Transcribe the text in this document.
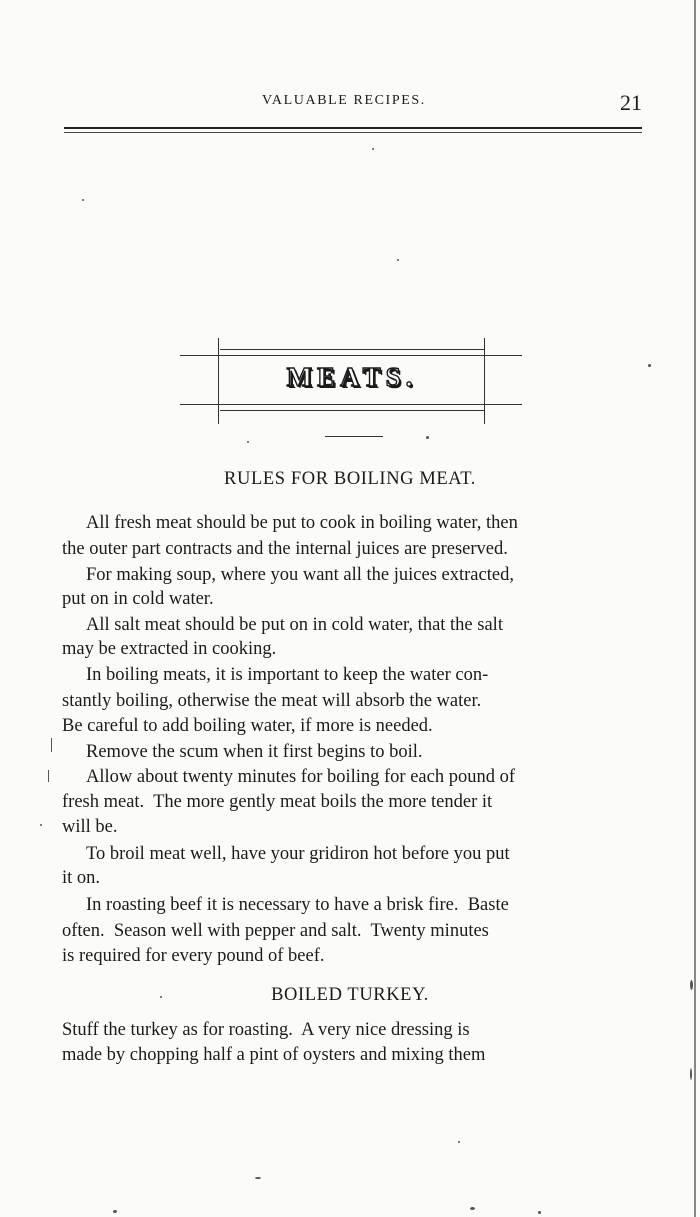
VALUABLE RECIPES.	21
MEATS.
RULES FOR BOILING MEAT.
All fresh meat should be put to cook in boiling water, then
the outer part contracts and the internal juices are preserved.
For making soup, where you want all the juices extracted,
put on in cold water.
All salt meat should be put on in cold water, that the salt
may be extracted in cooking.
In boiling meats, it is important to keep the water con-
stantly boiling, otherwise the meat will absorb the water.
Be careful to add boiling water, if more is needed.
Remove the scum when it first begins to boil.
Allow about twenty minutes for boiling for each pound of
fresh meat.  The more gently meat boils the more tender it
will be.
To broil meat well, have your gridiron hot before you put
it on.
In roasting beef it is necessary to have a brisk fire.  Baste
often.  Season well with pepper and salt.  Twenty minutes
is required for every pound of beef.
BOILED TURKEY.
Stuff the turkey as for roasting.  A very nice dressing is
made by chopping half a pint of oysters and mixing them
